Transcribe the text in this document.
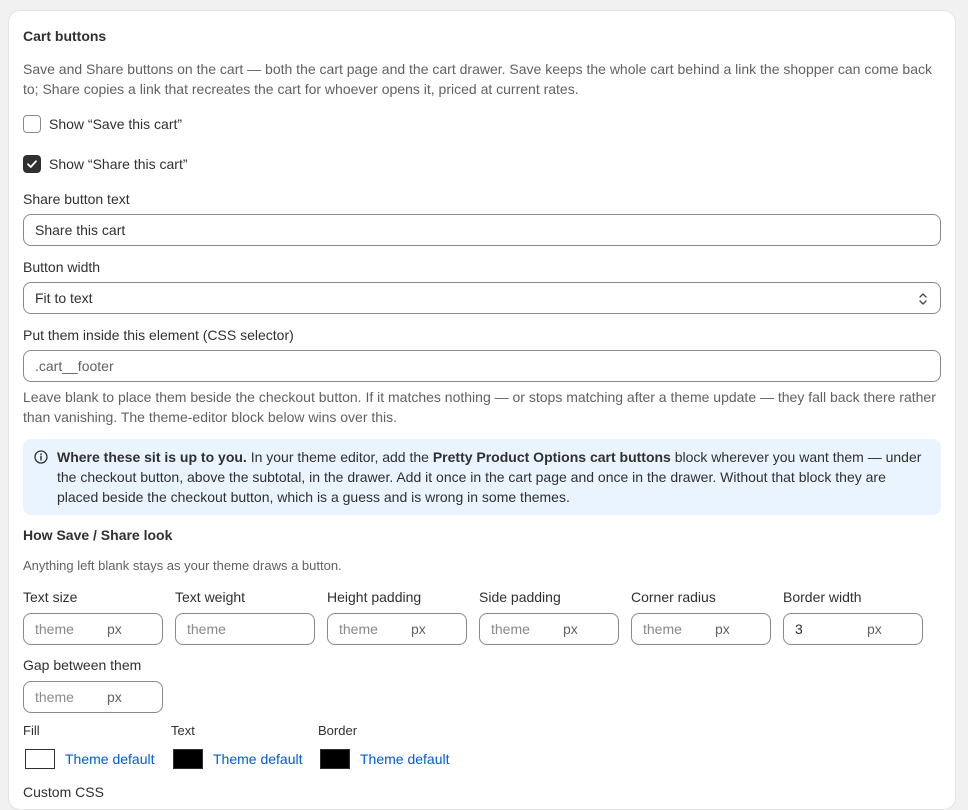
Cart buttons
Save and Share buttons on the cart — both the cart page and the cart drawer. Save keeps the whole cart behind a link the shopper can come back to; Share copies a link that recreates the cart for whoever opens it, priced at current rates.
Show “Save this cart”
Show “Share this cart”
Share button text
Share this cart
Button width
Fit to text
Put them inside this element (CSS selector)
.cart__footer
Leave blank to place them beside the checkout button. If it matches nothing — or stops matching after a theme update — they fall back there rather than vanishing. The theme-editor block below wins over this.
Where these sit is up to you. In your theme editor, add the Pretty Product Options cart buttons block wherever you want them — under the checkout button, above the subtotal, in the drawer. Add it once in the cart page and once in the drawer. Without that block they are placed beside the checkout button, which is a guess and is wrong in some themes.
How Save / Share look
Anything left blank stays as your theme draws a button.
Text size
theme px
Text weight
theme
Height padding
theme px
Side padding
theme px
Corner radius
theme px
Border width
3	px
Gap between them
theme px
Fill
Theme default
Text
Theme default
Border
Theme default
Custom CSS
